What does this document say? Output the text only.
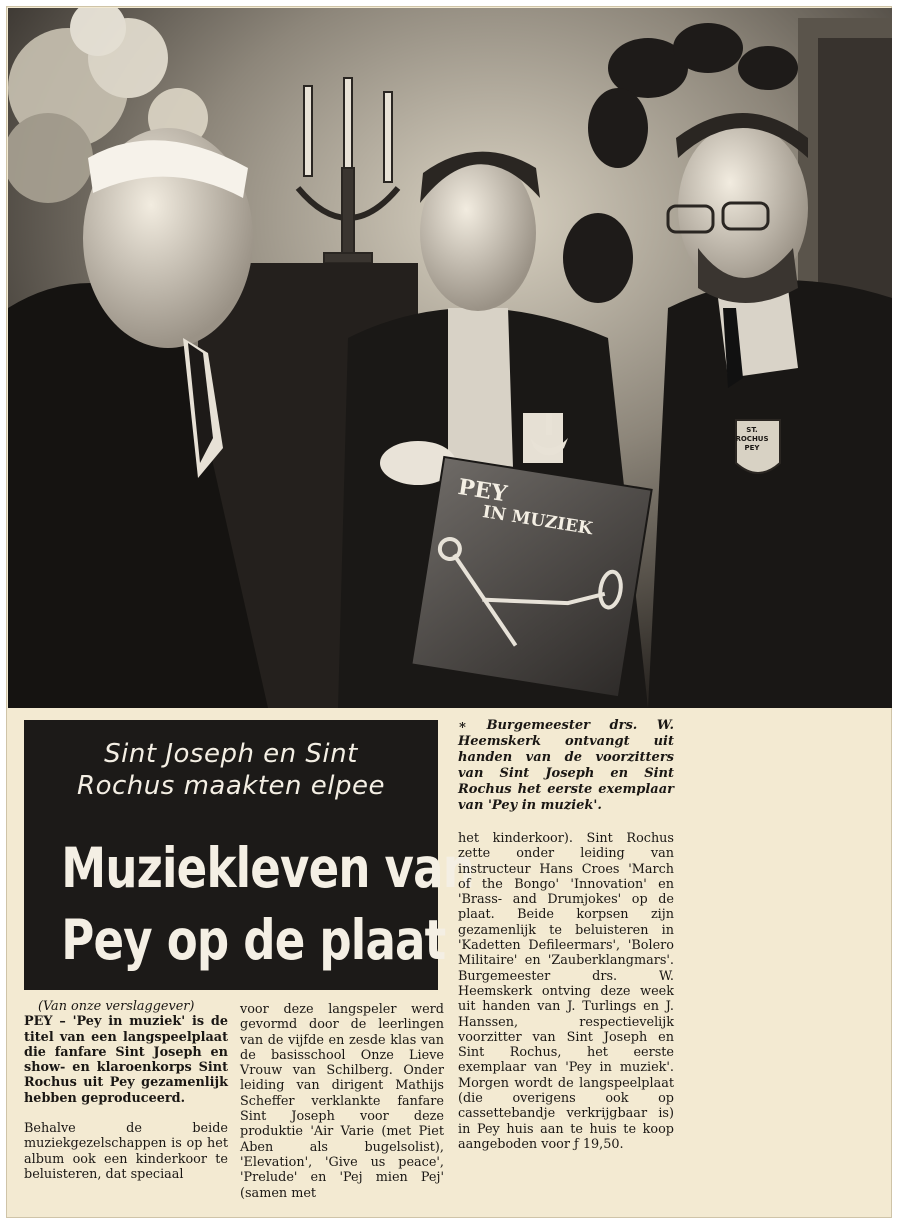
PEY
IN MUZIEK
ST.
ROCHUS
PEY
Sint Joseph en Sint
Rochus maakten elpee
Muziekleven van
Pey op de plaat
∗ Burgemeester drs. W. Heemskerk ontvangt uit handen van de voorzitters van Sint Joseph en Sint Rochus het eerste exemplaar van 'Pey in muziek'.

(Van onze verslaggever)

PEY – 'Pey in muziek' is de titel van een langspeelplaat die fanfare Sint Joseph en show- en klaroenkorps Sint Rochus uit Pey gezamenlijk hebben geproduceerd.

Behalve de beide muziekgezelschappen is op het album ook een kinderkoor te beluisteren, dat speciaal

voor deze langspeler werd gevormd door de leerlingen van de vijfde en zesde klas van de basisschool Onze Lieve Vrouw van Schilberg. Onder leiding van dirigent Mathijs Scheffer verklankte fanfare Sint Joseph voor deze produktie 'Air Varie (met Piet Aben als bugelsolist), 'Elevation', 'Give us peace', 'Prelude' en 'Pej mien Pej' (samen met

het kinderkoor). Sint Rochus zette onder leiding van instructeur Hans Croes 'March of the Bongo' 'Innovation' en 'Brass- and Drumjokes' op de plaat. Beide korpsen zijn gezamenlijk te beluisteren in 'Kadetten Defileermars', 'Bolero Militaire' en 'Zauberklangmars'. Burgemeester drs. W. Heemskerk ontving deze week uit handen van J. Turlings en J. Hanssen, respectievelijk voorzitter van Sint Joseph en Sint Rochus, het eerste exemplaar van 'Pey in muziek'. Morgen wordt de langspeelplaat (die overigens ook op cassettebandje verkrijgbaar is) in Pey huis aan te huis te koop aangeboden voor ƒ 19,50.
